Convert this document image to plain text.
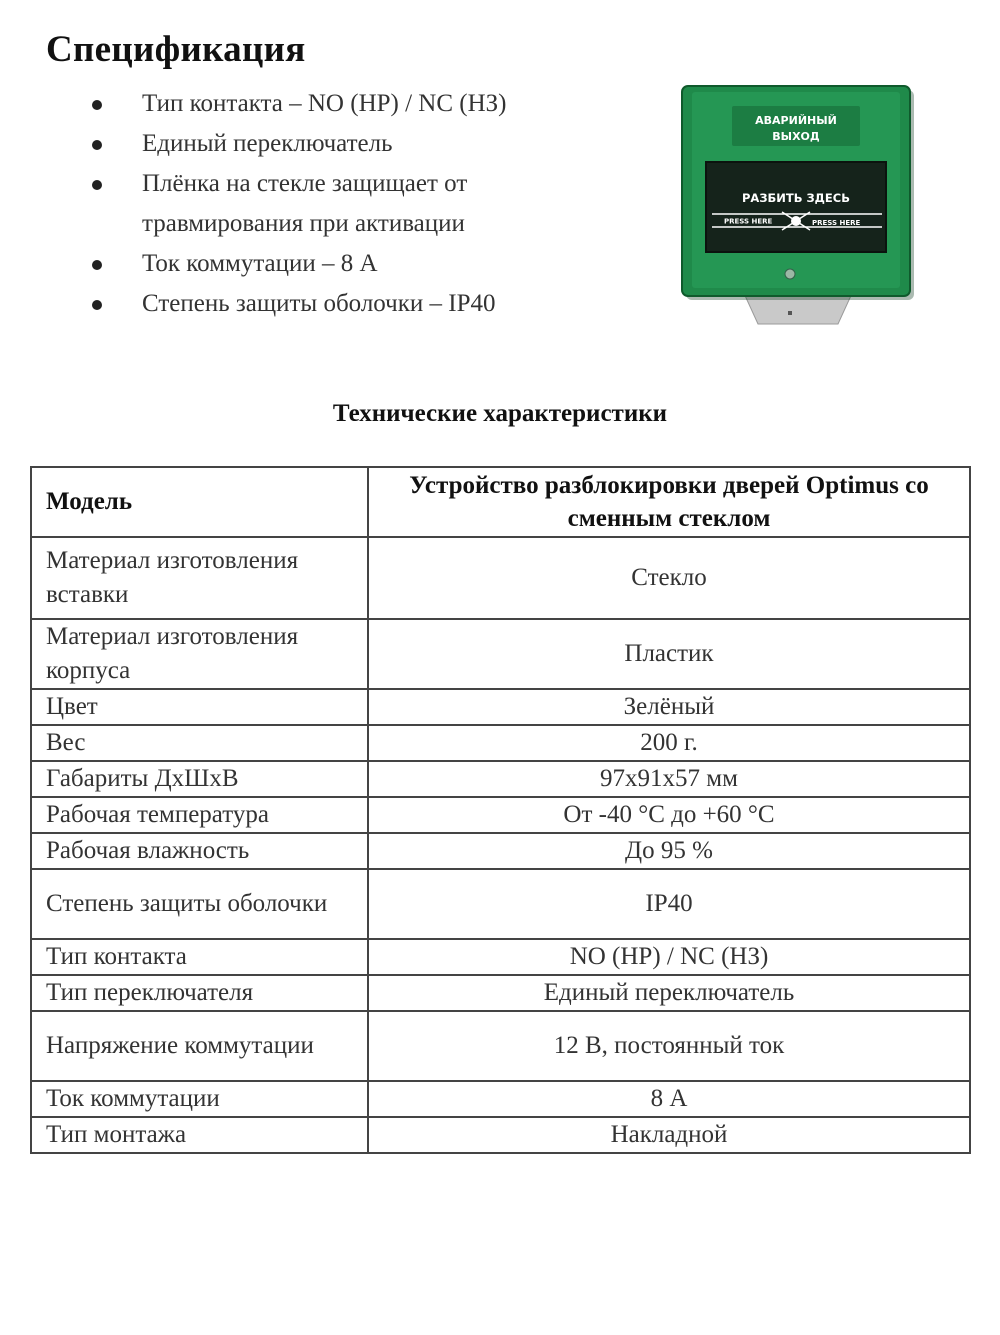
Спецификация
Тип контакта – NO (НР) / NC (НЗ)
Единый переключатель
Плёнка на стекле защищает от травмирования при активации
Ток коммутации – 8 А
Степень защиты оболочки – IP40
АВАРИЙНЫЙ
ВЫХОД
РАЗБИТЬ ЗДЕСЬ
PRESS HERE	PRESS HERE
Технические характеристики
Модель	Устройство разблокировки дверей Optimus со сменным стеклом
Материал изготовления вставки	Стекло
Материал изготовления корпуса	Пластик
Цвет	Зелёный
Вес	200 г.
Габариты ДхШхВ	97х91х57 мм
Рабочая температура	От -40 °С до +60 °С
Рабочая влажность	До 95 %
Степень защиты оболочки	IP40
Тип контакта	NO (НР) / NC (НЗ)
Тип переключателя	Единый переключатель
Напряжение коммутации	12 В, постоянный ток
Ток коммутации	8 А
Тип монтажа	Накладной
